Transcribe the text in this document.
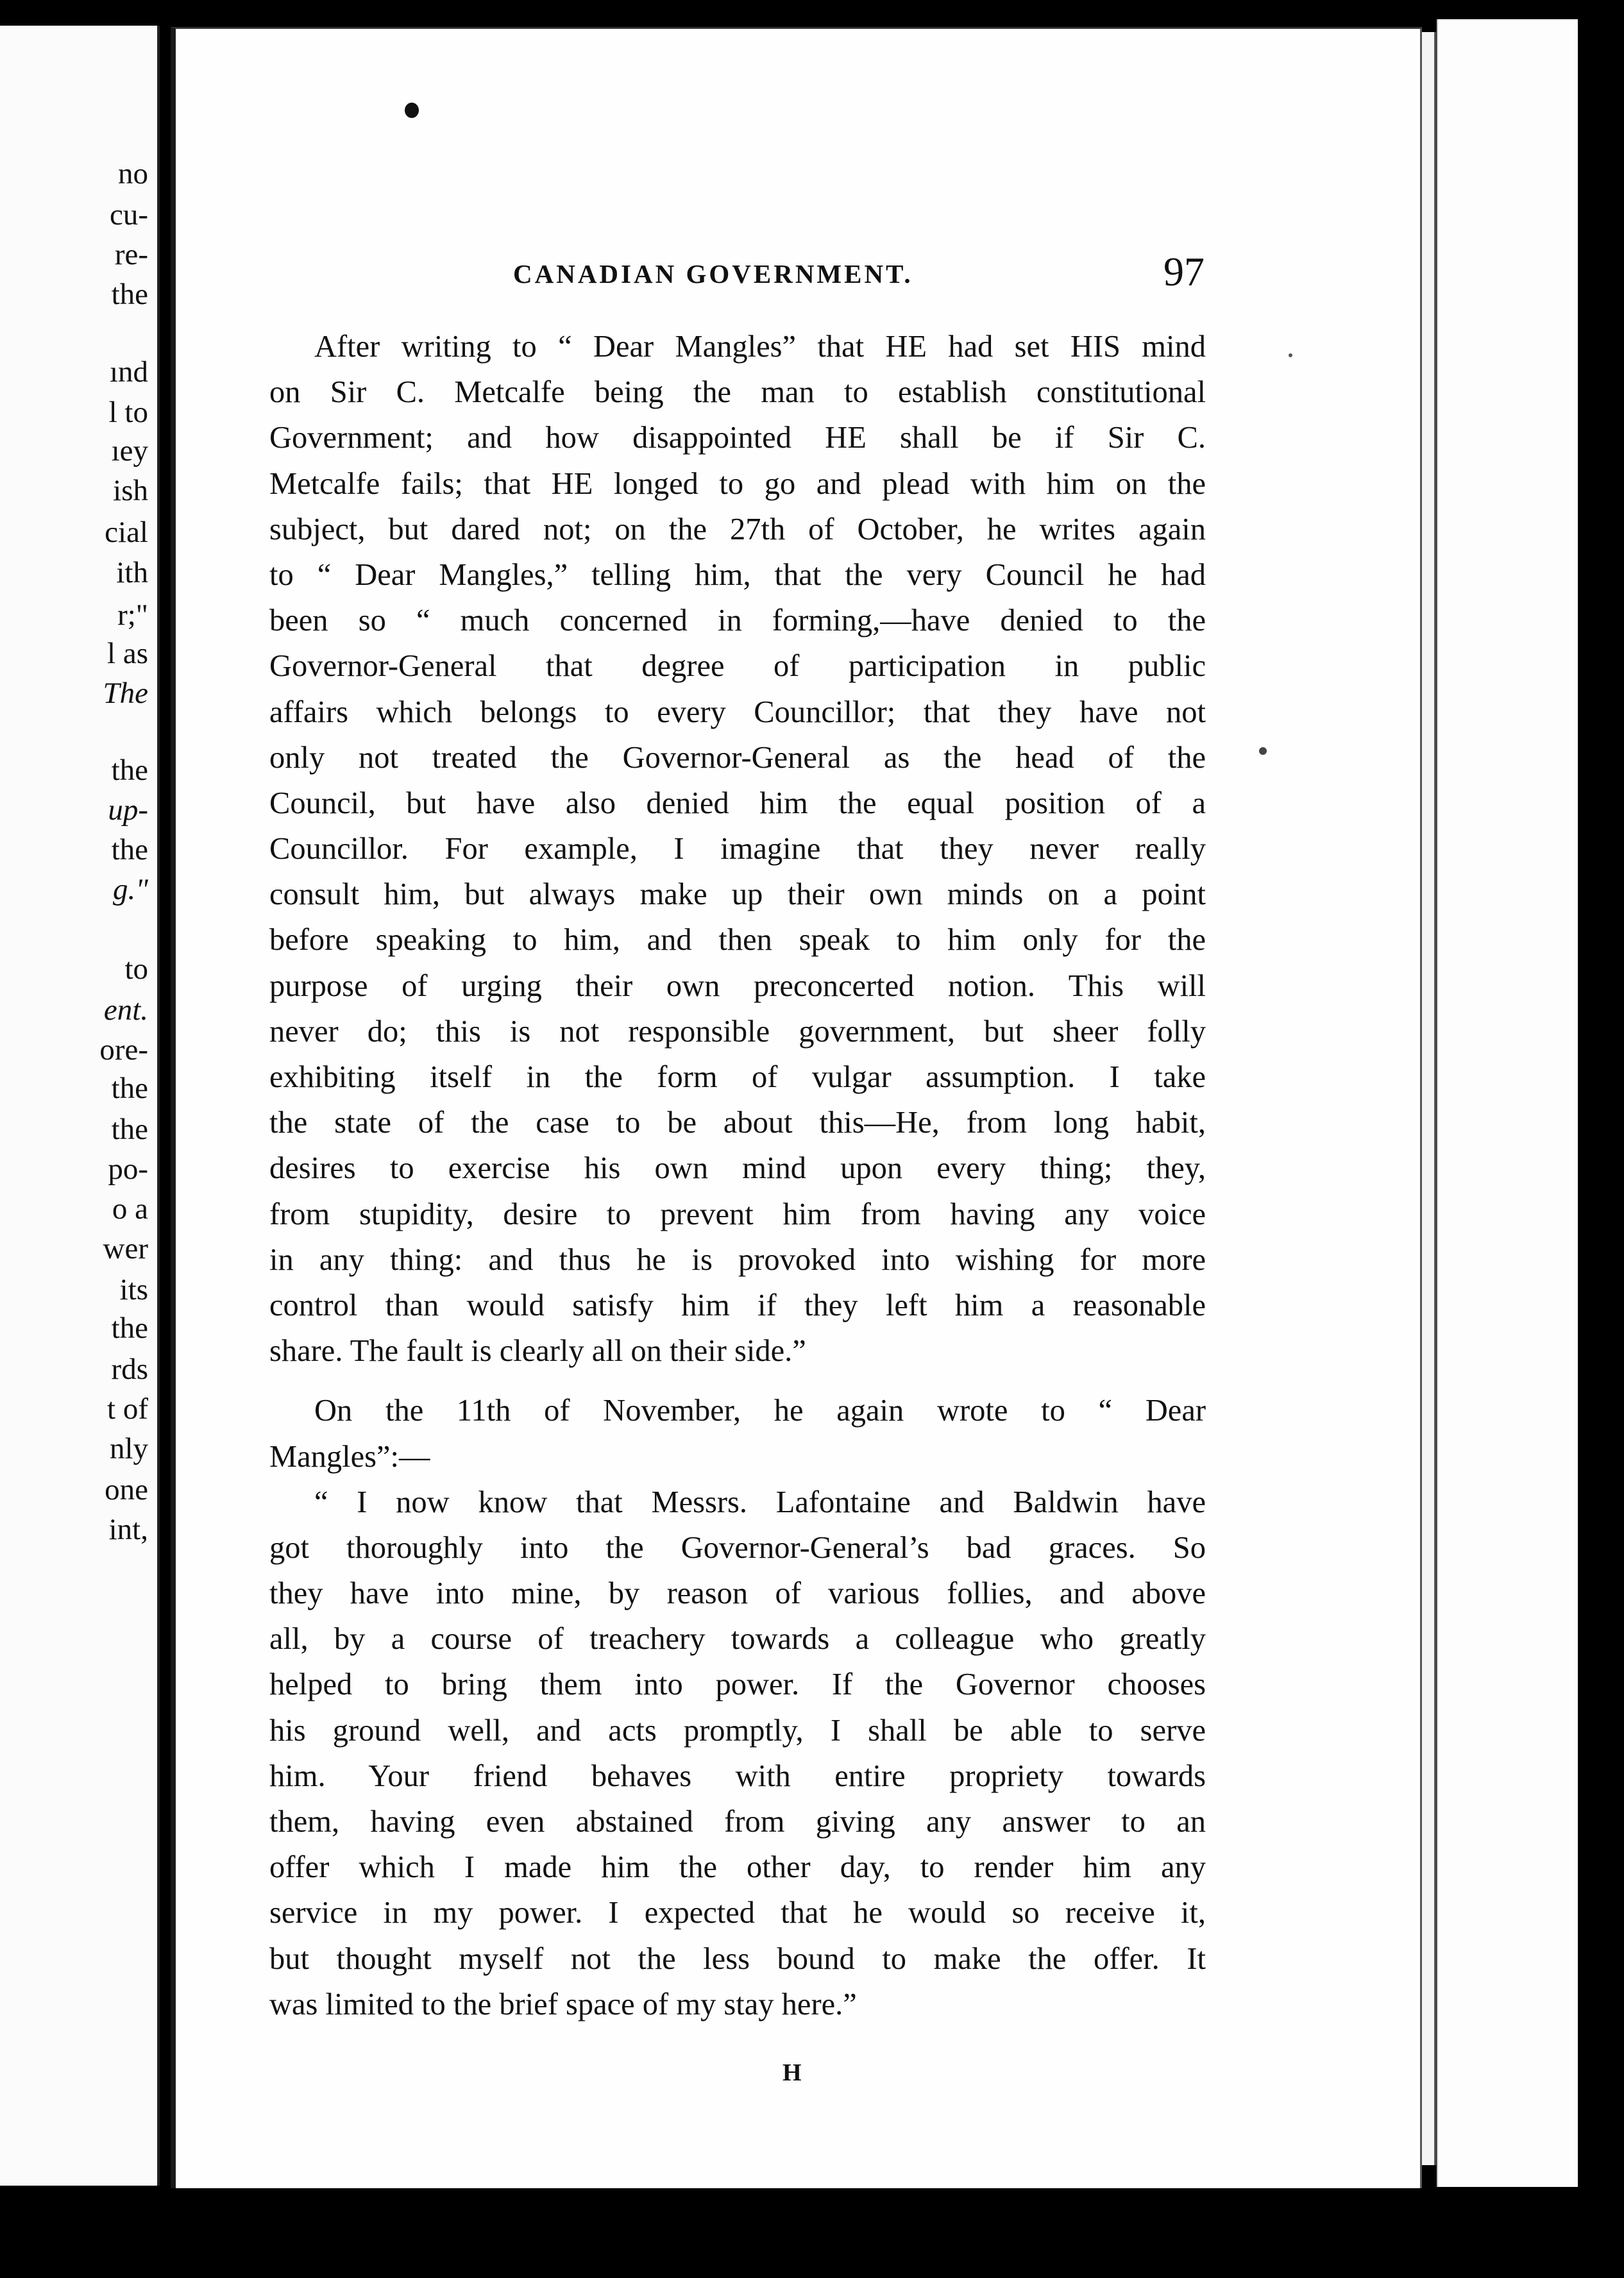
no
cu-
re-
the
ınd
l to
ıey
ish
cial
ith
r;"
l as
The
the
up-
the
g."
to
ent.
ore-
the
the
po-
o a
wer
its
the
rds
t of
nly
one
int,
CANADIAN GOVERNMENT.	97
After writing to “ Dear Mangles” that HE had set HIS mind
on Sir C. Metcalfe being the man to establish constitutional
Government; and how disappointed HE shall be if Sir C.
Metcalfe fails; that HE longed to go and plead with him on the
subject, but dared not; on the 27th of October, he writes again
to “ Dear Mangles,” telling him, that the very Council he had
been so “ much concerned in forming,—have denied to the
Governor-General that degree of participation in public
affairs which belongs to every Councillor; that they have not
only not treated the Governor-General as the head of the
Council, but have also denied him the equal position of a
Councillor. For example, I imagine that they never really
consult him, but always make up their own minds on a point
before speaking to him, and then speak to him only for the
purpose of urging their own preconcerted notion. This will
never do; this is not responsible government, but sheer folly
exhibiting itself in the form of vulgar assumption. I take
the state of the case to be about this—He, from long habit,
desires to exercise his own mind upon every thing; they,
from stupidity, desire to prevent him from having any voice
in any thing: and thus he is provoked into wishing for more
control than would satisfy him if they left him a reasonable
share. The fault is clearly all on their side.”
On the 11th of November, he again wrote to “ Dear
Mangles”:—
“ I now know that Messrs. Lafontaine and Baldwin have
got thoroughly into the Governor-General’s bad graces. So
they have into mine, by reason of various follies, and above
all, by a course of treachery towards a colleague who greatly
helped to bring them into power. If the Governor chooses
his ground well, and acts promptly, I shall be able to serve
him. Your friend behaves with entire propriety towards
them, having even abstained from giving any answer to an
offer which I made him the other day, to render him any
service in my power. I expected that he would so receive it,
but thought myself not the less bound to make the offer. It
was limited to the brief space of my stay here.”
H
